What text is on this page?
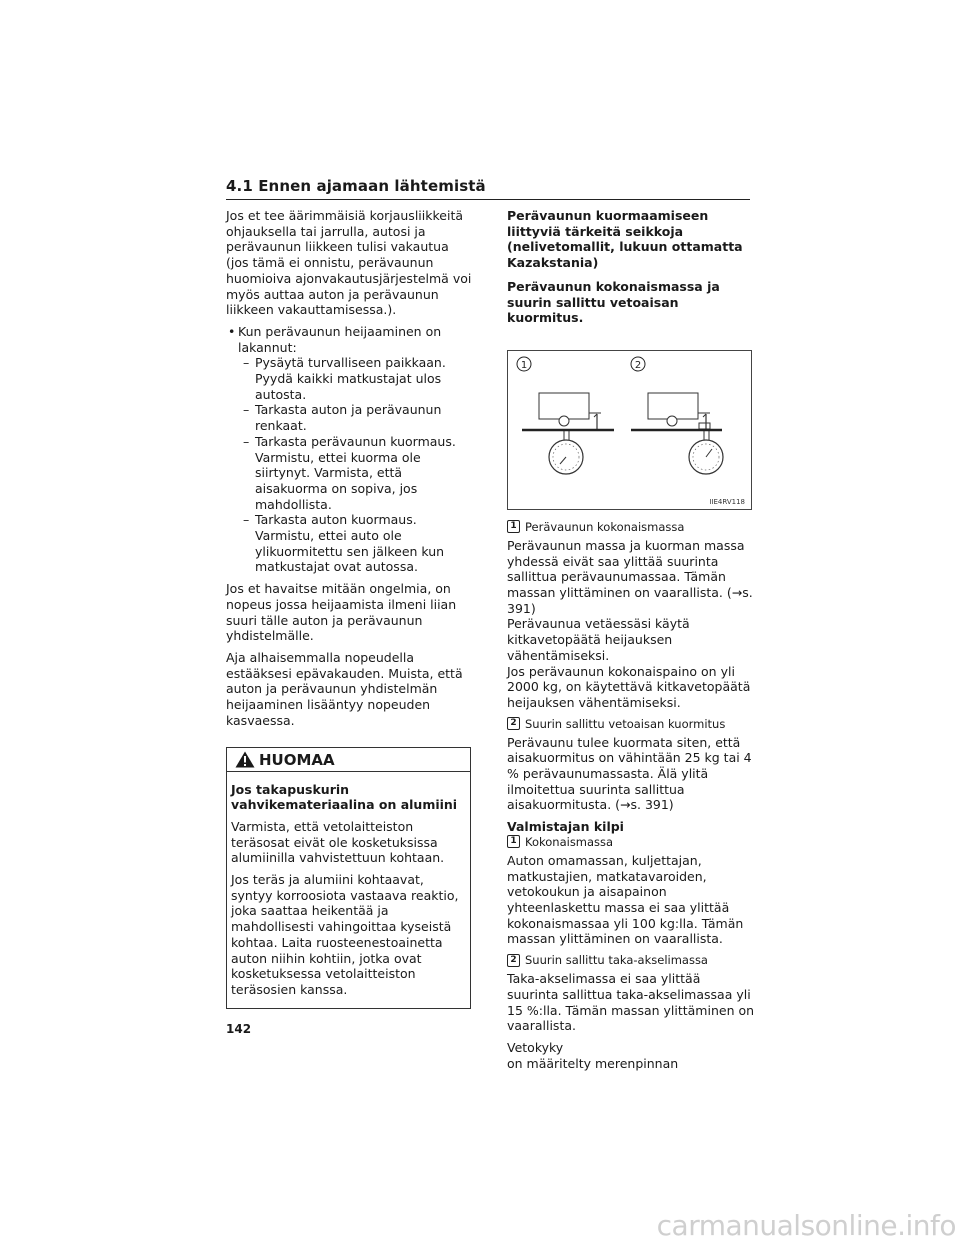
4.1 Ennen ajamaan lähtemistä

Jos et tee äärimmäisiä korjausliikkeitä ohjauksella tai jarrulla, autosi ja perävaunun liikkeen tulisi vakautua (jos tämä ei onnistu, perävaunun huomioiva ajonvakautusjärjestelmä voi myös auttaa auton ja perävaunun liikkeen vakauttamisessa.).

• Kun perävaunun heijaaminen on lakannut:
– Pysäytä turvalliseen paikkaan. Pyydä kaikki matkustajat ulos autosta.
– Tarkasta auton ja perävaunun renkaat.
– Tarkasta perävaunun kuormaus. Varmistu, ettei kuorma ole siirtynyt. Varmista, että aisakuorma on sopiva, jos mahdollista.
– Tarkasta auton kuormaus. Varmistu, ettei auto ole ylikuormitettu sen jälkeen kun matkustajat ovat autossa.

Jos et havaitse mitään ongelmia, on nopeus jossa heijaamista ilmeni liian suuri tälle auton ja perävaunun yhdistelmälle.

Aja alhaisemmalla nopeudella estääksesi epävakauden. Muista, että auton ja perävaunun yhdistelmän heijaaminen lisääntyy nopeuden kasvaessa.

HUOMAA

Jos takapuskurin vahvikemateriaalina on alumiini

Varmista, että vetolaitteiston teräsosat eivät ole kosketuksissa alumiinilla vahvistettuun kohtaan.

Jos teräs ja alumiini kohtaavat, syntyy korroosiota vastaava reaktio, joka saattaa heikentää ja mahdollisesti vahingoittaa kyseistä kohtaa. Laita ruosteenestoainetta auton niihin kohtiin, jotka ovat kosketuksessa vetolaitteiston teräsosien kanssa.

Perävaunun kuormaamiseen liittyviä tärkeitä seikkoja (nelivetomallit, lukuun ottamatta Kazakstania)

Perävaunun kokonaismassa ja suurin sallittu vetoaisan kuormitus.

1	2
IIE4RV118
1 Perävaunun kokonaismassa

Perävaunun massa ja kuorman massa yhdessä eivät saa ylittää suurinta sallittua perävaunumassaa. Tämän massan ylittäminen on vaarallista. (→s. 391)

Perävaunua vetäessäsi käytä kitkavetopäätä heijauksen vähentämiseksi.

Jos perävaunun kokonaispaino on yli 2000 kg, on käytettävä kitkavetopäätä heijauksen vähentämiseksi.

2 Suurin sallittu vetoaisan kuormitus

Perävaunu tulee kuormata siten, että aisakuormitus on vähintään 25 kg tai 4 % perävaunumassasta. Älä ylitä ilmoitettua suurinta sallittua aisakuormitusta. (→s. 391)

Valmistajan kilpi

1 Kokonaismassa

Auton omamassan, kuljettajan, matkustajien, matkatavaroiden, vetokoukun ja aisapainon yhteenlaskettu massa ei saa ylittää kokonaismassaa yli 100 kg:lla. Tämän massan ylittäminen on vaarallista.

2 Suurin sallittu taka-akselimassa

Taka-akselimassa ei saa ylittää suurinta sallittua taka-akselimassaa yli 15 %:lla. Tämän massan ylittäminen on vaarallista.

Vetokyky

on määritelty merenpinnan

142
carmanualsonline.info
